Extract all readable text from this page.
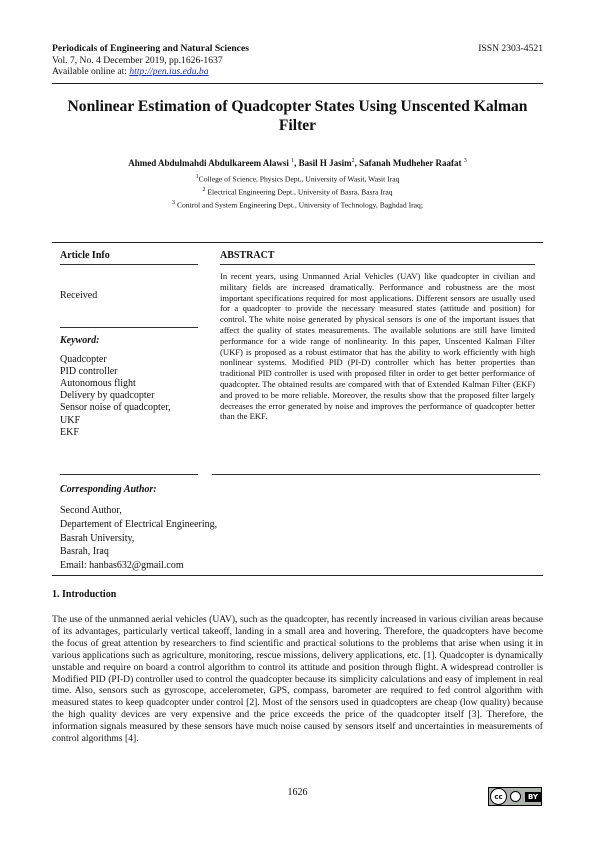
Periodicals of Engineering and Natural Sciences	ISSN 2303-4521
Vol. 7, No. 4 December 2019, pp.1626-1637
Available online at: http://pen.ius.edu.ba
Nonlinear Estimation of Quadcopter States Using Unscented Kalman Filter
Ahmed Abdulmahdi Abdulkareem Alawsi $^1$, Basil H Jasim$^2$, Safanah Mudheher Raafat $^3$
$^1$College of Science, Physics Dept., University of Wasit, Wasit Iraq
$^2$ Electrical Engineering Dept., University of Basra, Basra Iraq
$^3$ Control and System Engineering Dept., University of Technology, Baghdad Iraq;
Article Info
Received
Keyword:
Quadcopter
PID controller
Autonomous flight
Delivery by quadcopter
Sensor noise of quadcopter,
UKF
EKF
ABSTRACT
In recent years, using Unmanned Arial Vehicles (UAV) like quadcopter in civilian and military fields are increased dramatically. Performance and robustness are the most important specifications required for most applications. Different sensors are usually used for a quadcopter to provide the necessary measured states (attitude and position) for control. The white noise generated by physical sensors is one of the important issues that affect the quality of states measurements. The available solutions are still have limited performance for a wide range of nonlinearity. In this paper, Unscented Kalman Filter (UKF) is proposed as a robust estimator that has the ability to work efficiently with high nonlinear systems. Modified PID (PI-D) controller which has better properties than traditional PID controller is used with proposed filter in order to get better performance of quadcopter. The obtained results are compared with that of Extended Kalman Filter (EKF) and proved to be more reliable. Moreover, the results show that the proposed filter largely decreases the error generated by noise and improves the performance of quadcopter better than the EKF.
Corresponding Author:
Second Author,
Departement of Electrical Engineering,
Basrah University,
Basrah, Iraq
Email: hanbas632@gmail.com
1. Introduction
The use of the unmanned aerial vehicles (UAV), such as the quadcopter, has recently increased in various civilian areas because of its advantages, particularly vertical takeoff, landing in a small area and hovering. Therefore, the quadcopters have become the focus of great attention by researchers to find scientific and practical solutions to the problems that arise when using it in various applications such as agriculture, monitoring, rescue missions, delivery applications, etc. [1]. Quadcopter is dynamically unstable and require on board a control algorithm to control its attitude and position through flight. A widespread controller is Modified PID (PI-D) controller used to control the quadcopter because its simplicity calculations and easy of implement in real time. Also, sensors such as gyroscope, accelerometer, GPS, compass, barometer are required to fed control algorithm with measured states to keep quadcopter under control [2]. Most of the sensors used in quadcopters are cheap (low quality) because the high quality devices are very expensive and the price exceeds the price of the quadcopter itself [3]. Therefore, the information signals measured by these sensors have much noise caused by sensors itself and uncertainties in measurements of control algorithms [4].
1626	cc	BY
